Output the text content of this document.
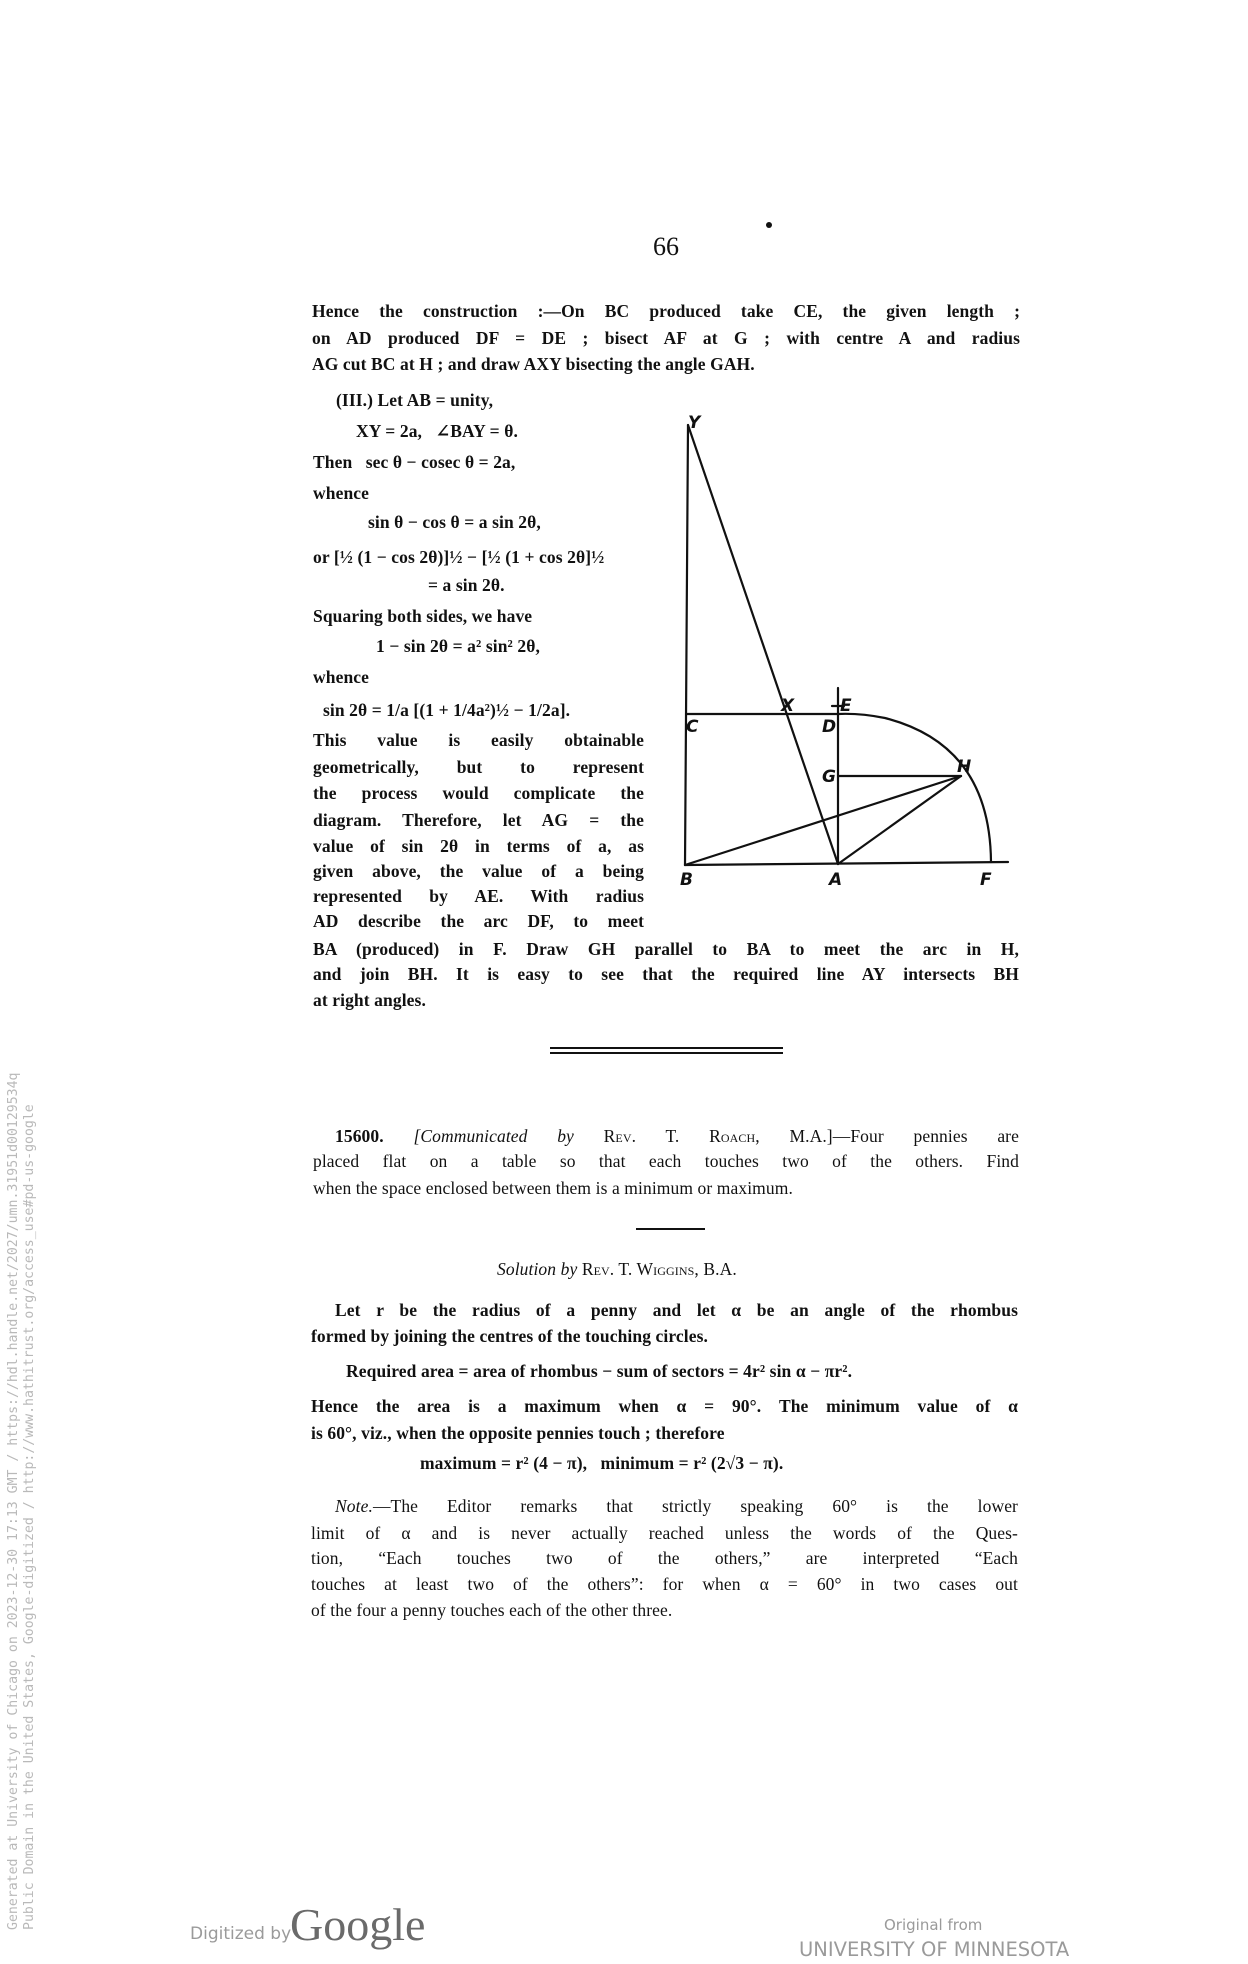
66
Hence the construction :—On BC produced take CE, the given length ;
on AD produced DF = DE ; bisect AF at G ; with centre A and radius
AG cut BC at H ; and draw AXY bisecting the angle GAH.
(III.) Let AB = unity,
XY = 2a,   ∠BAY = θ.
Then   sec θ − cosec θ = 2a,
whence
sin θ − cos θ = a sin 2θ,
or [½ (1 − cos 2θ)]½ − [½ (1 + cos 2θ]½
= a sin 2θ.
Squaring both sides, we have
1 − sin 2θ = a² sin² 2θ,
whence
sin 2θ = 1/a [(1 + 1/4a²)½ − 1/2a].
This value is easily obtainable
geometrically, but to represent
the process would complicate the
diagram. Therefore, let AG = the
value of sin 2θ in terms of a, as
given above, the value of a being
represented by AE. With radius
AD describe the arc DF, to meet
BA (produced) in F. Draw GH parallel to BA to meet the arc in H,
and join BH. It is easy to see that the required line AY intersects BH
at right angles.
Y
X	E
C	D
G	H
B	A	F
15600. [Communicated by Rev. T. Roach, M.A.]—Four pennies are
placed flat on a table so that each touches two of the others. Find
when the space enclosed between them is a minimum or maximum.
Solution by Rev. T. Wiggins, B.A.
Let r be the radius of a penny and let α be an angle of the rhombus
formed by joining the centres of the touching circles.
Required area = area of rhombus − sum of sectors = 4r² sin α − πr².
Hence the area is a maximum when α = 90°. The minimum value of α
is 60°, viz., when the opposite pennies touch ; therefore
maximum = r² (4 − π),   minimum = r² (2√3 − π).
Note.—The Editor remarks that strictly speaking 60° is the lower
limit of α and is never actually reached unless the words of the Ques-
tion, “Each touches two of the others,” are interpreted “Each
touches at least two of the others”: for when α = 60° in two cases out
of the four a penny touches each of the other three.
Generated at University of Chicago on 2023-12-30 17:13 GMT / https://hdl.handle.net/2027/umn.31951d00129534q Public Domain in the United States, Google-digitized / http://www.hathitrust.org/access_use#pd-us-google
Digitized by
Google	Original from
UNIVERSITY OF MINNESOTA
